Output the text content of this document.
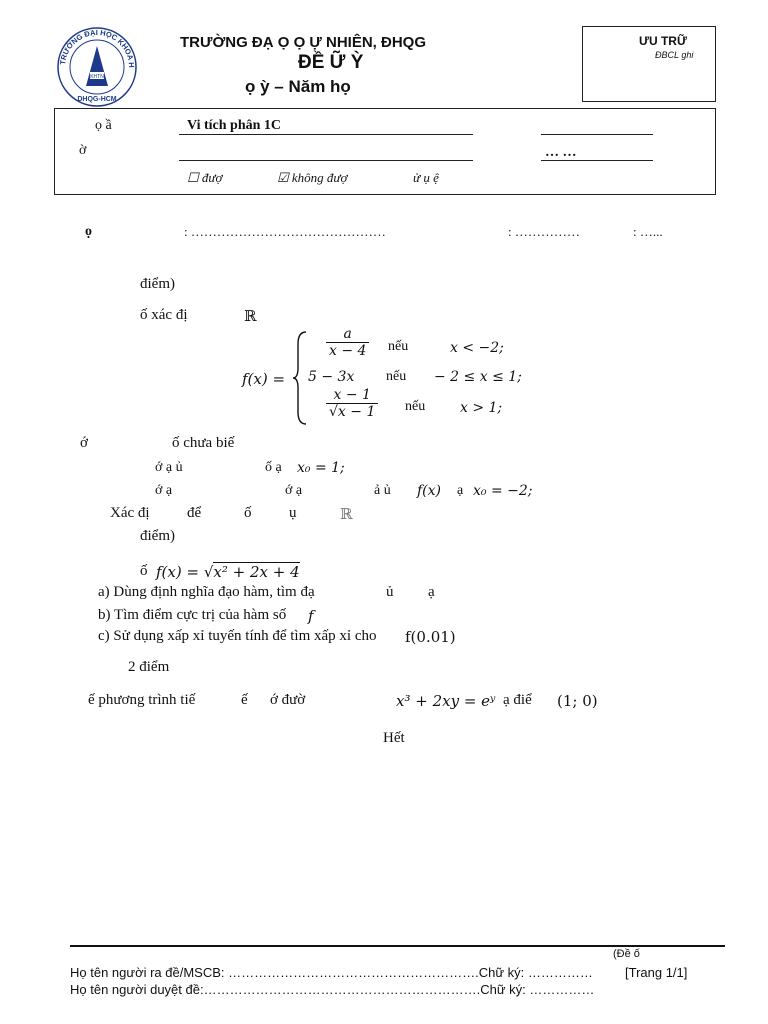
TRƯỜNG ĐẠI HỌC KHOA H
KHTN
DHQG-HCM
TRƯỜNG ĐẠ Ọ Ọ Ự NHIÊN, ĐHQG
ĐỀ Ữ Ỳ
ọ ỳ – Năm họ
ƯU TRỮ
ĐBCL ghi
ọ ầ	Vi tích phân 1C
ờ	… …
☐ đượ	☑ không đượ	ử ụ ệ
ọ	: ………………………………………	: ……………	: …...
điểm)
ố xác đị	ℝ
f(x) =
$\frac{a}{x - 4}$ nếu	x < −2;
5 − 3x nếu − 2 ≤ x ≤ 1;
$\frac{x - 1}{√x - 1}$ nếu x > 1;
ớ	ố chưa biế
ớ ạ ủ	ố ạ x₀ = 1;
ớ ạ	ớ ạ	ả ủ f(x) ạ x₀ = −2;
Xác đị để	ố	ụ	ℝ
điểm)
ố f(x) = √x² + 2x + 4
a) Dùng định nghĩa đạo hàm, tìm đạ	ủ ạ
b) Tìm điểm cực trị của hàm số f
c) Sử dụng xấp xỉ tuyến tính để tìm xấp xỉ cho f(0.01)
2 điểm
ế phương trình tiế	ế ớ đườ	x³ + 2xy = eʸ ạ điể (1; 0)
Hết
(Đề ố
Họ tên người ra đề/MSCB: ………………………………………………….Chữ ký: …………… [Trang 1/1]
Họ tên người duyệt đề:……………………………………………………….Chữ ký: ……………
